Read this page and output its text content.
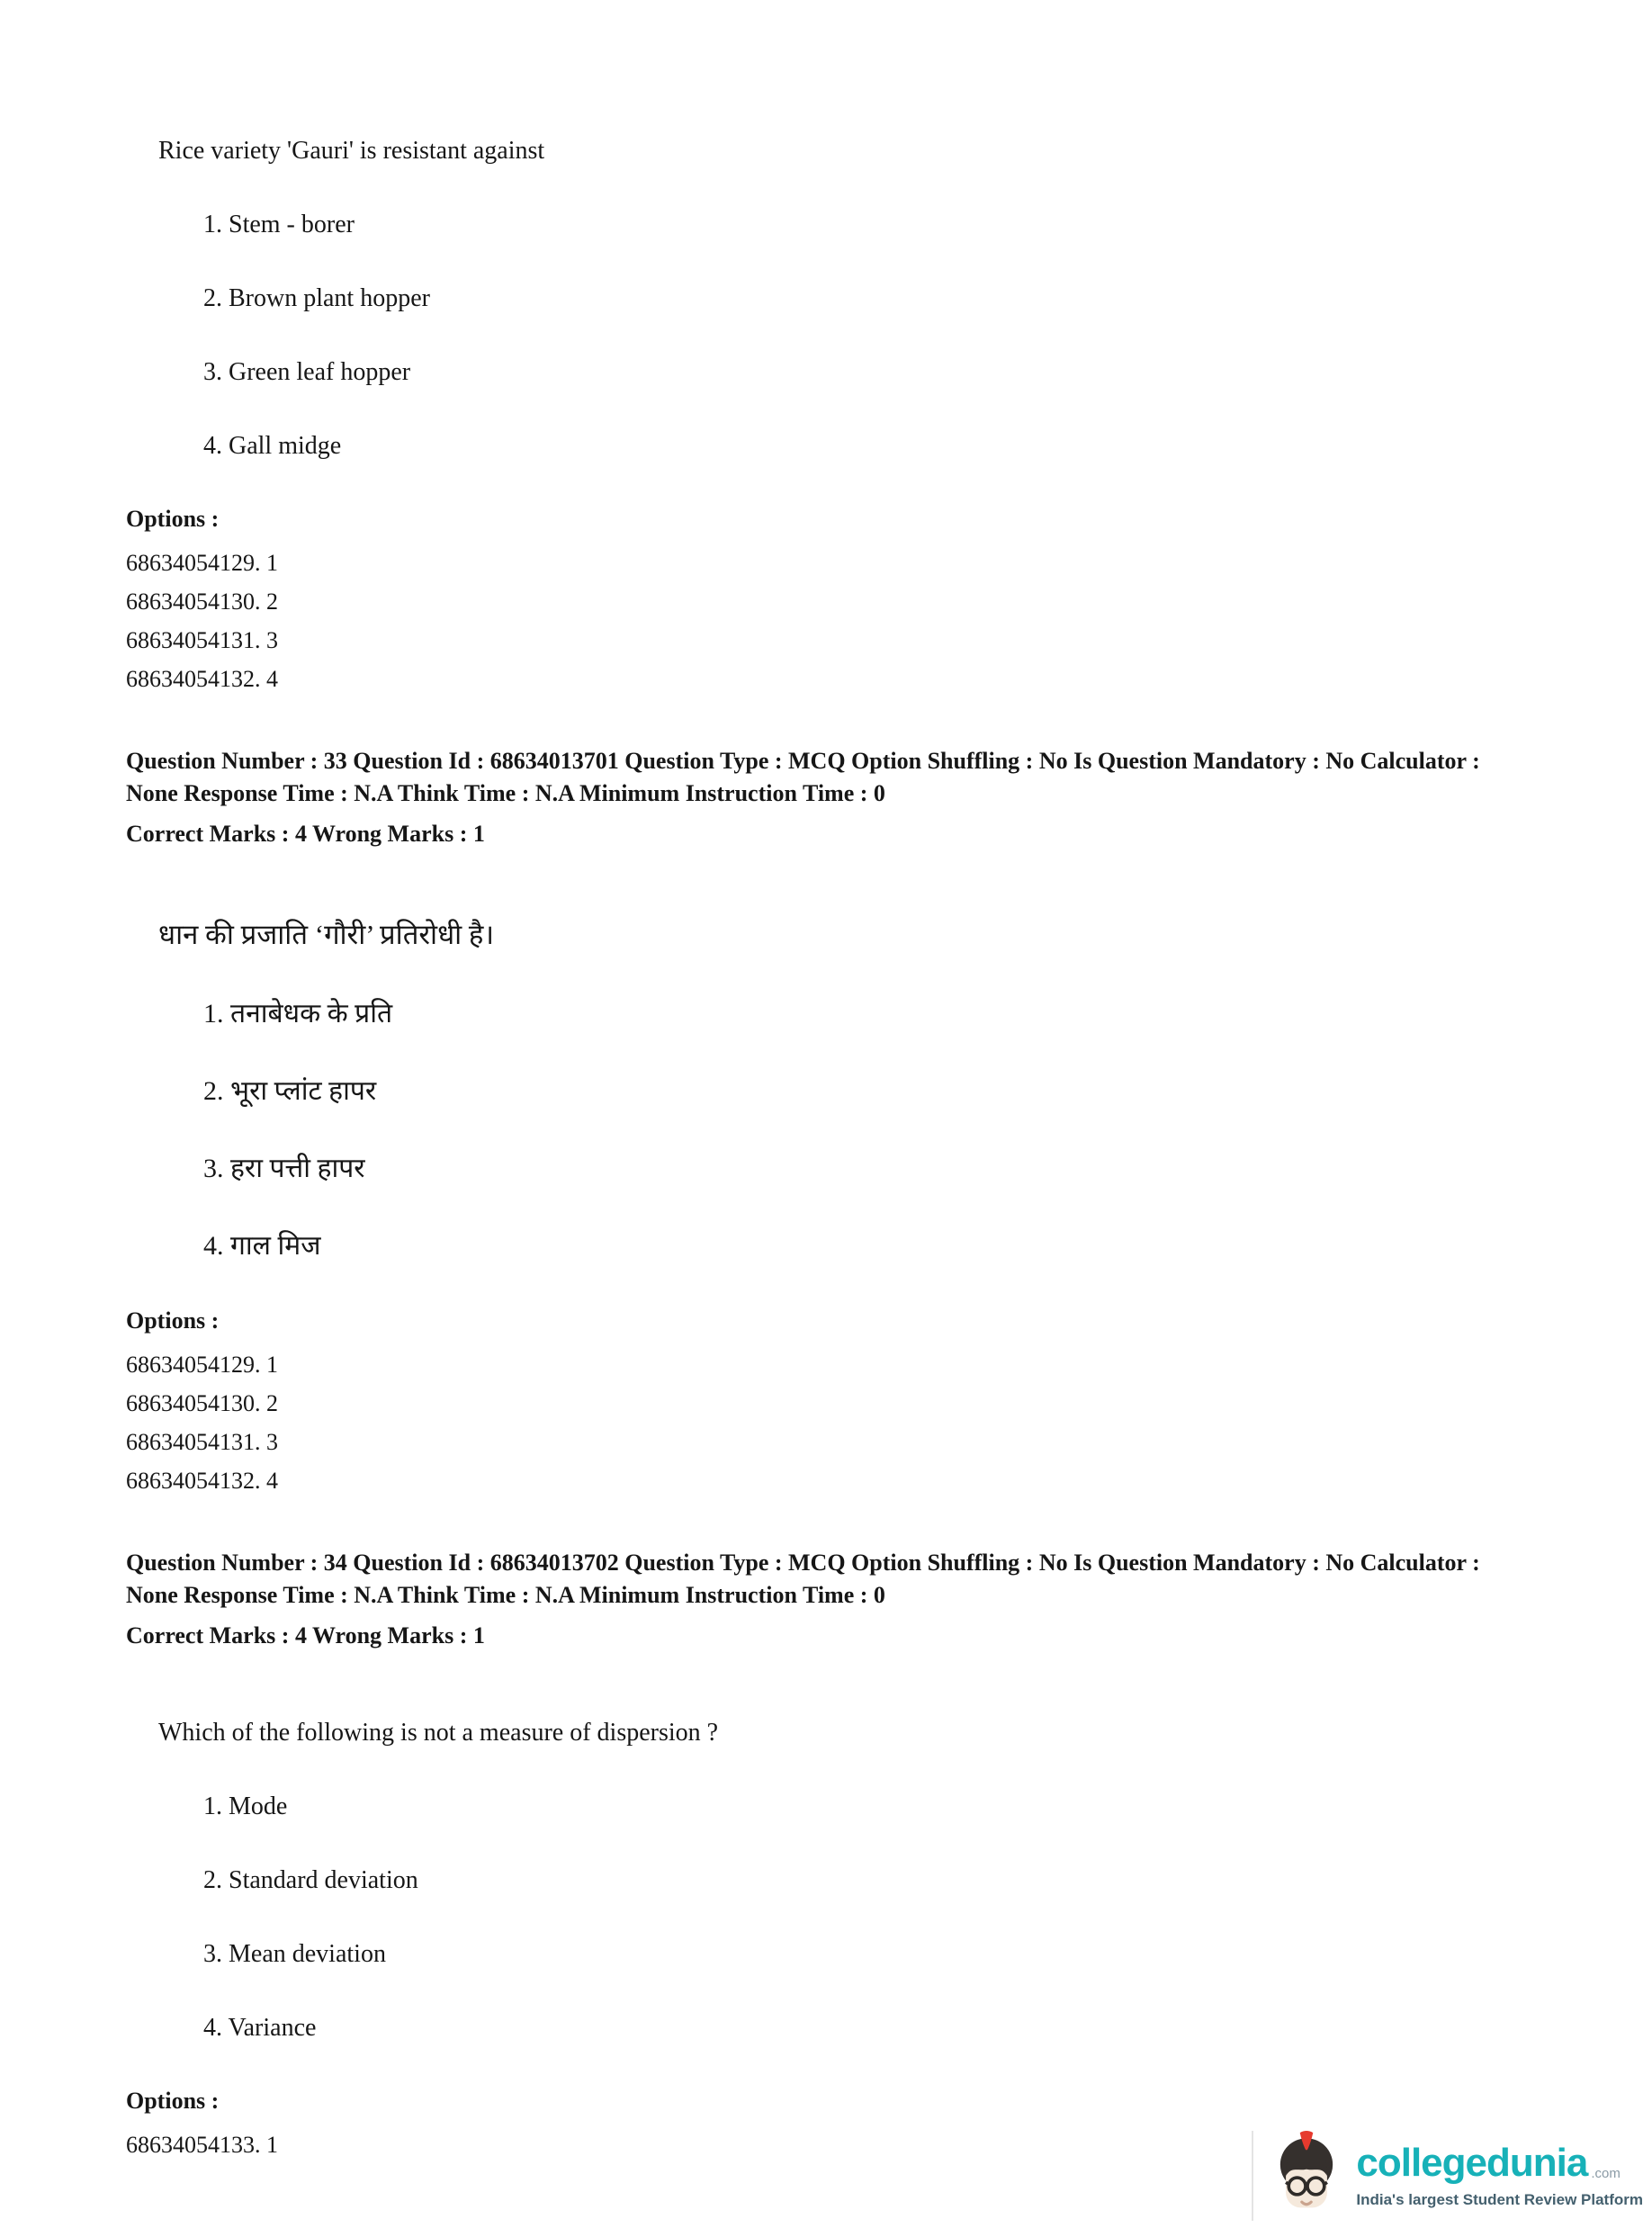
Rice variety 'Gauri' is resistant against

1. Stem - borer

2. Brown plant hopper

3. Green leaf hopper

4. Gall midge

Options :

68634054129. 1

68634054130. 2

68634054131. 3

68634054132. 4

Question Number : 33 Question Id : 68634013701 Question Type : MCQ Option Shuffling : No Is Question Mandatory : No Calculator : None Response Time : N.A Think Time : N.A Minimum Instruction Time : 0

Correct Marks : 4 Wrong Marks : 1

धान की प्रजाति ‘गौरी’ प्रतिरोधी है।

1. तनाबेधक के प्रति

2. भूरा प्लांट हापर

3. हरा पत्ती हापर

4. गाल मिज

Options :

68634054129. 1

68634054130. 2

68634054131. 3

68634054132. 4

Question Number : 34 Question Id : 68634013702 Question Type : MCQ Option Shuffling : No Is Question Mandatory : No Calculator : None Response Time : N.A Think Time : N.A Minimum Instruction Time : 0

Correct Marks : 4 Wrong Marks : 1

Which of the following is not a measure of dispersion ?

1. Mode

2. Standard deviation

3. Mean deviation

4. Variance

Options :

68634054133. 1	collegedunia .com
India's largest Student Review Platform
